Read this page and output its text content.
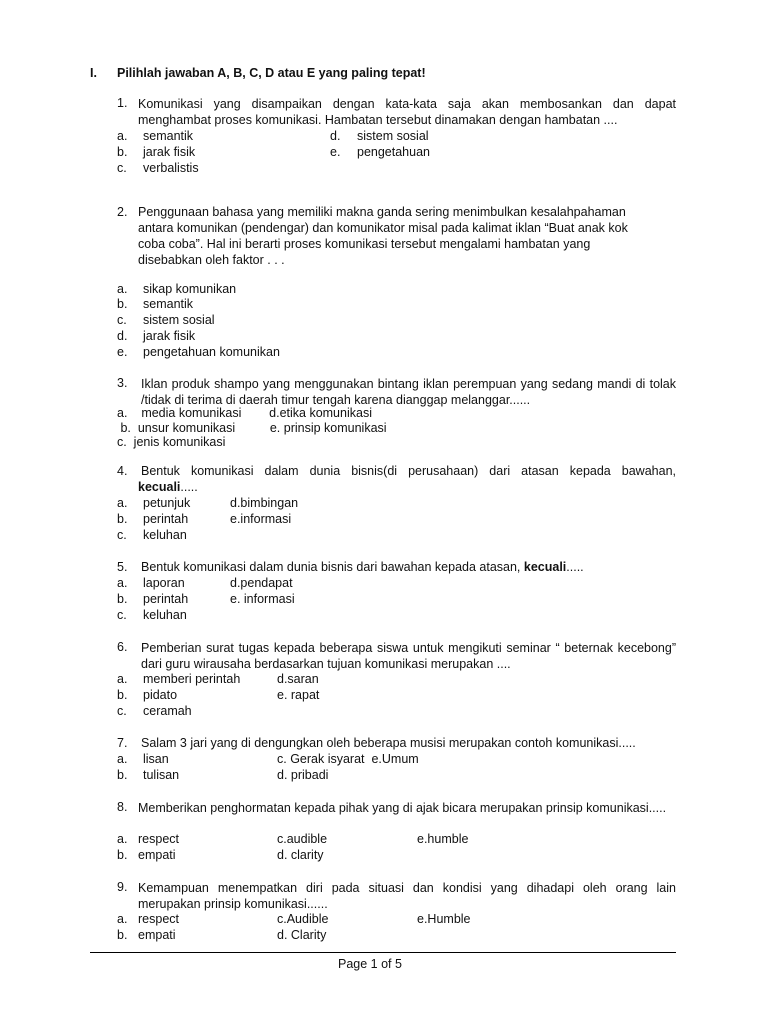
I. Pilihlah jawaban A, B, C, D atau E yang paling tepat!
1. Komunikasi yang disampaikan dengan kata-kata saja akan membosankan dan dapat menghambat proses komunikasi. Hambatan tersebut dinamakan dengan hambatan ....
a. semantik
b. jarak fisik
c. verbalistis
d. sistem sosial
e. pengetahuan
2. Penggunaan bahasa yang memiliki makna ganda sering menimbulkan kesalahpahaman
antara komunikan (pendengar) dan komunikator misal pada kalimat iklan “Buat anak kok
coba coba”. Hal ini berarti proses komunikasi tersebut mengalami hambatan yang
disebabkan oleh faktor . . .
a. sikap komunikan
b. semantik
c. sistem sosial
d. jarak fisik
e. pengetahuan komunikan
3. Iklan produk shampo yang menggunakan bintang iklan perempuan yang sedang mandi di tolak /tidak di terima di daerah timur tengah karena dianggap melanggar......
a.    media komunikasi        d.etika komunikasi
b.  unsur komunikasi          e. prinsip komunikasi
c.  jenis komunikasi
4. Bentuk komunikasi dalam dunia bisnis(di perusahaan) dari atasan kepada bawahan,
kecuali.....
a. petunjuk
b. perintah
c. keluhan
d.bimbingan
e.informasi
5. Bentuk komunikasi dalam dunia bisnis dari bawahan kepada atasan, kecuali.....
a. laporan
b. perintah
c. keluhan
d.pendapat
e. informasi
6. Pemberian surat tugas kepada beberapa siswa untuk mengikuti seminar “ beternak kecebong” dari guru wirausaha berdasarkan tujuan komunikasi merupakan ....
a. memberi perintah
b. pidato
c. ceramah
d.saran
e. rapat
7. Salam 3 jari yang di dengungkan oleh beberapa musisi merupakan contoh komunikasi.....
a. lisan
b. tulisan
c. Gerak isyarat  e.Umum
d. pribadi
8. Memberikan penghormatan kepada pihak yang di ajak bicara merupakan prinsip komunikasi.....
a. respect
b. empati
c.audible
d. clarity
e.humble
9. Kemampuan menempatkan diri pada situasi dan kondisi yang dihadapi oleh orang lain merupakan prinsip komunikasi......
a. respect
b. empati
c.Audible
d. Clarity
e.Humble
Page 1 of 5
